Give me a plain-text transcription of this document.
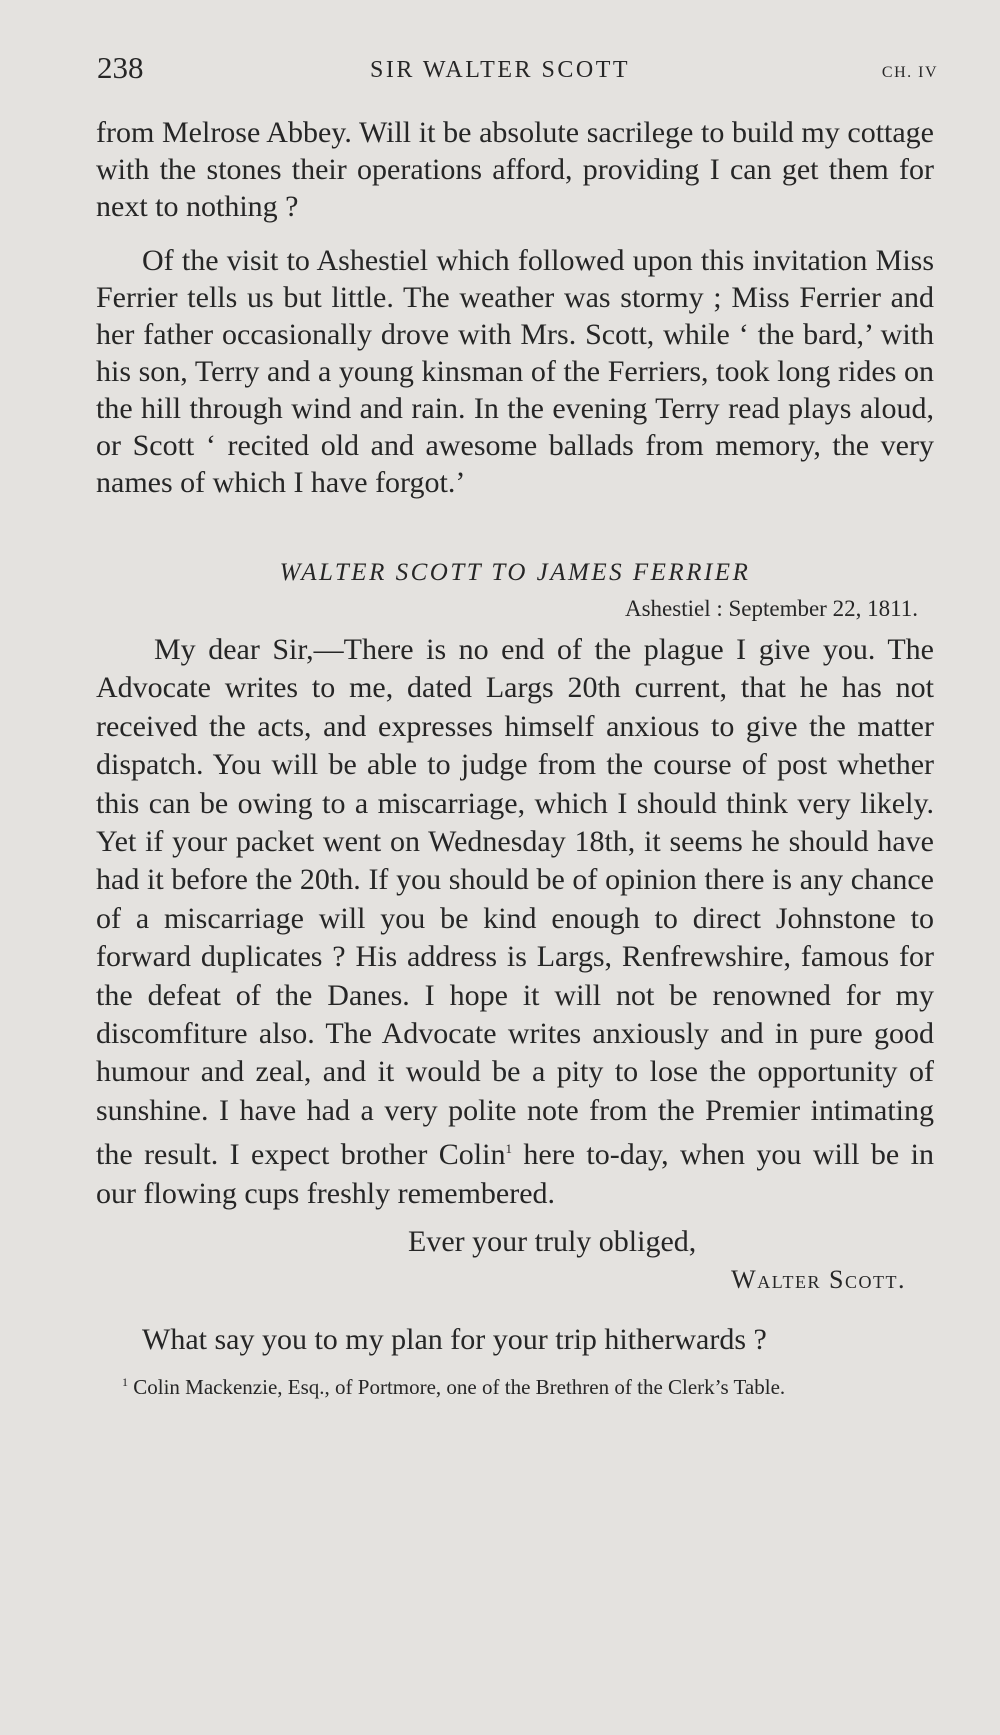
238	SIR WALTER SCOTT	CH. IV

from Melrose Abbey. Will it be absolute sacrilege to build my cottage with the stones their operations afford, providing I can get them for next to nothing ?

Of the visit to Ashestiel which followed upon this invitation Miss Ferrier tells us but little. The weather was stormy ; Miss Ferrier and her father occasionally drove with Mrs. Scott, while ‘ the bard,’ with his son, Terry and a young kinsman of the Ferriers, took long rides on the hill through wind and rain. In the evening Terry read plays aloud, or Scott ‘ recited old and awesome ballads from memory, the very names of which I have forgot.’

WALTER SCOTT TO JAMES FERRIER
Ashestiel : September 22, 1811.

My dear Sir,—There is no end of the plague I give you. The Advocate writes to me, dated Largs 20th current, that he has not received the acts, and expresses himself anxious to give the matter dispatch. You will be able to judge from the course of post whether this can be owing to a miscarriage, which I should think very likely. Yet if your packet went on Wednesday 18th, it seems he should have had it before the 20th. If you should be of opinion there is any chance of a miscarriage will you be kind enough to direct Johnstone to forward duplicates ? His address is Largs, Renfrewshire, famous for the defeat of the Danes. I hope it will not be renowned for my discomfiture also. The Advocate writes anxiously and in pure good humour and zeal, and it would be a pity to lose the opportunity of sunshine. I have had a very polite note from the Premier intimating the result. I expect brother Colin$^1$ here to-day, when you will be in our flowing cups freshly remembered.

Ever your truly obliged,
Walter Scott.

What say you to my plan for your trip hitherwards ?

$^1$ Colin Mackenzie, Esq., of Portmore, one of the Brethren of the Clerk’s Table.
